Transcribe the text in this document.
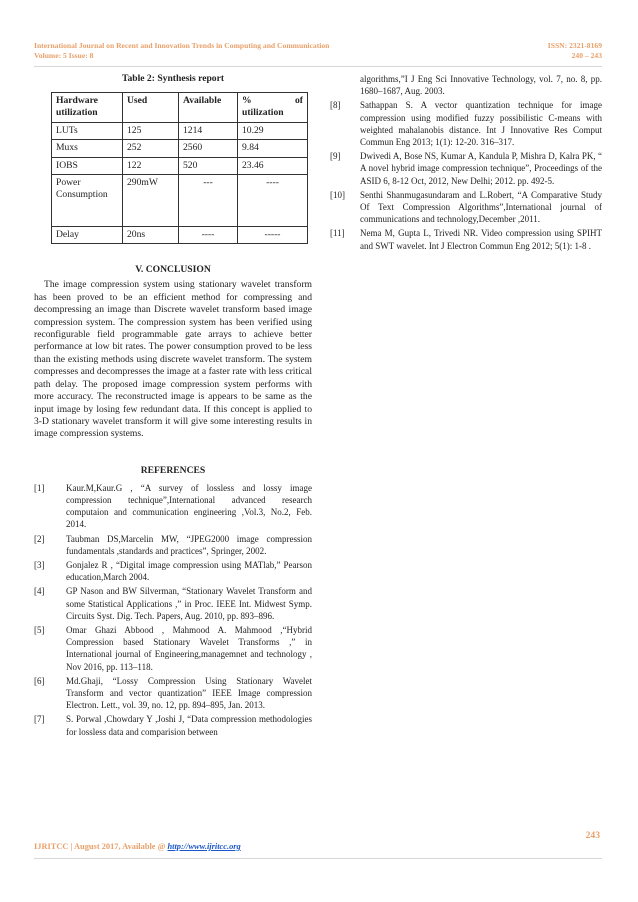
International Journal on Recent and Innovation Trends in Computing and Communication
Volume: 5 Issue: 8
ISSN: 2321-8169
240 – 243
Table 2: Synthesis report
Hardware utilization	Used	Available	% of utilization
LUTs	125	1214	10.29
Muxs	252	2560	9.84
IOBS	122	520	23.46
Power Consumption	290mW	---	----
Delay	20ns	----	-----
V. CONCLUSION

The image compression system using stationary wavelet transform has been proved to be an efficient method for compressing and decompressing an image than Discrete wavelet transform based image compression system. The compression system has been verified using reconfigurable field programmable gate arrays to achieve better performance at low bit rates. The power consumption proved to be less than the existing methods using discrete wavelet transform. The system compresses and decompresses the image at a faster rate with less critical path delay. The proposed image compression system performs with more accuracy. The reconstructed image is appears to be same as the input image by losing few redundant data. If this concept is applied to 3-D stationary wavelet transform it will give some interesting results in image compression systems.

REFERENCES
[1]	Kaur.M,Kaur.G , “A survey of lossless and lossy image compression technique”,International advanced research computaion and communication engineering ,Vol.3, No.2, Feb. 2014.
[2]	Taubman DS,Marcelin MW, “JPEG2000 image compression fundamentals ,standards and practices”, Springer, 2002.
[3]	Gonjalez R , “Digital image compression using MATlab,” Pearson education,March 2004.
[4]	GP Nason and BW Silverman, “Stationary Wavelet Transform and some Statistical Applications ,” in Proc. IEEE Int. Midwest Symp. Circuits Syst. Dig. Tech. Papers, Aug. 2010, pp. 893–896.
[5]	Omar Ghazi Abbood , Mahmood A. Mahmood ,“Hybrid Compression based Stationary Wavelet Transforms ,” in International journal of Engineering,managemnet and technology , Nov 2016, pp. 113–118.
[6]	Md.Ghaji, “Lossy Compression Using Stationary Wavelet Transform and vector quantization” IEEE Image compression Electron. Lett., vol. 39, no. 12, pp. 894–895, Jan. 2013.
[7]	S. Porwal ,Chowdary Y ,Joshi J, “Data compression methodologies for lossless data and comparision between
algorithms,”I J Eng Sci Innovative Technology, vol. 7, no. 8, pp. 1680–1687, Aug. 2003.
[8]	Sathappan S. A vector quantization technique for image compression using modified fuzzy possibilistic C-means with weighted mahalanobis distance. Int J Innovative Res Comput Commun Eng 2013; 1(1): 12-20. 316–317.
[9]	Dwivedi A, Bose NS, Kumar A, Kandula P, Mishra D, Kalra PK, “ A novel hybrid image compression technique”, Proceedings of the ASID 6, 8-12 Oct, 2012, New Delhi; 2012. pp. 492-5.
[10]	Senthi Shanmugasundaram and L.Robert, “A Comparative Study Of Text Compression Algorithms”,International journal of communications and technology,December ,2011.
[11]	Nema M, Gupta L, Trivedi NR. Video compression using SPIHT and SWT wavelet. Int J Electron Commun Eng 2012; 5(1): 1-8 .
243
IJRITCC | August 2017, Available @ http://www.ijritcc.org
